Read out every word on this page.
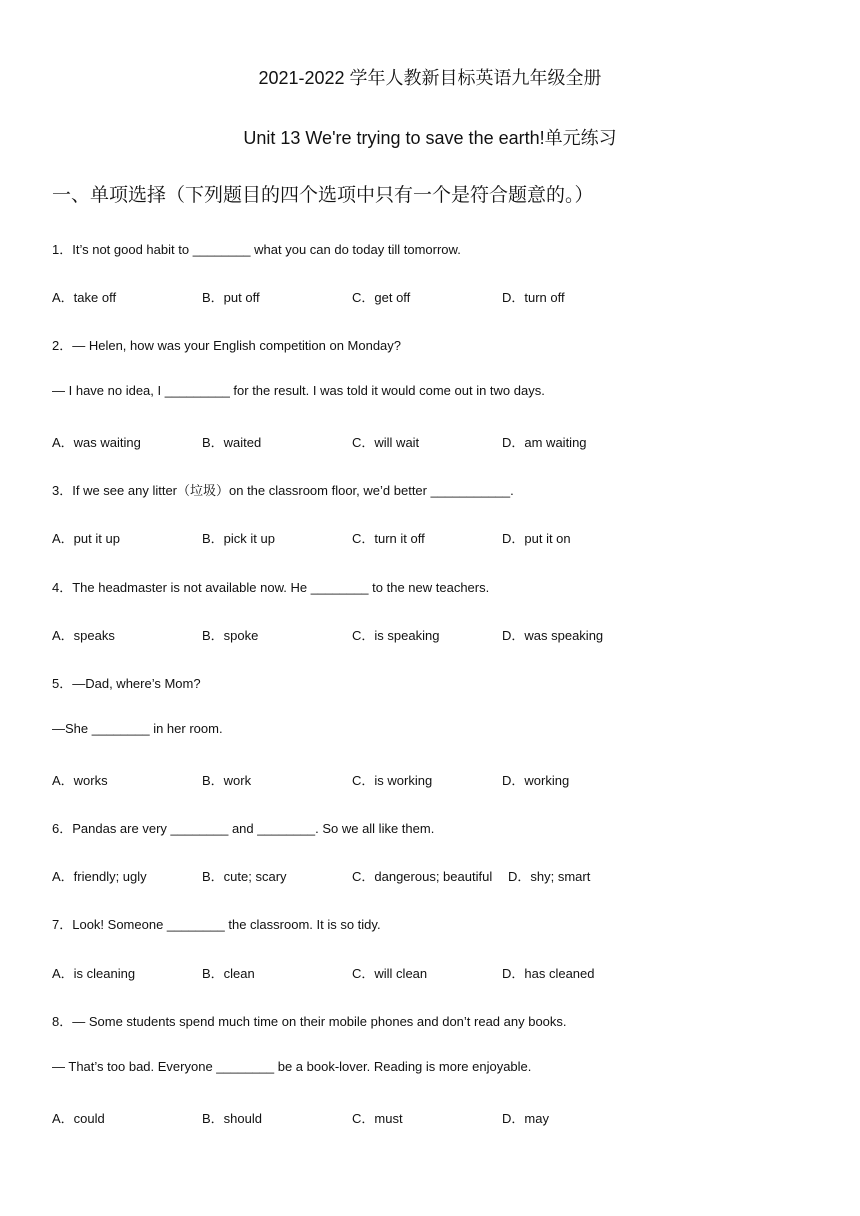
2021-2022 学年人教新目标英语九年级全册
Unit 13 We're trying to save the earth!单元练习
一、单项选择（下列题目的四个选项中只有一个是符合题意的。）
1．It’s not good habit to ________ what you can do today till tomorrow.
A．take off	B．put off	C．get off	D．turn off
2．— Helen, how was your English competition on Monday?
— I have no idea, I _________ for the result. I was told it would come out in two days.
A．was waiting	B．waited	C．will wait	D．am waiting
3．If we see any litter（垃圾）on the classroom floor, we’d better ___________.
A．put it up	B．pick it up	C．turn it off	D．put it on
4．The headmaster is not available now. He ________ to the new teachers.
A．speaks	B．spoke	C．is speaking	D．was speaking
5．—Dad, where’s Mom?
—She ________ in her room.
A．works	B．work	C．is working	D．working
6．Pandas are very ________ and ________. So we all like them.
A．friendly; ugly	B．cute; scary	C．dangerous; beautiful D．shy; smart
7．Look! Someone ________ the classroom. It is so tidy.
A．is cleaning	B．clean	C．will clean	D．has cleaned
8．— Some students spend much time on their mobile phones and don’t read any books.
— That’s too bad. Everyone ________ be a book-lover. Reading is more enjoyable.
A．could	B．should	C．must	D．may
